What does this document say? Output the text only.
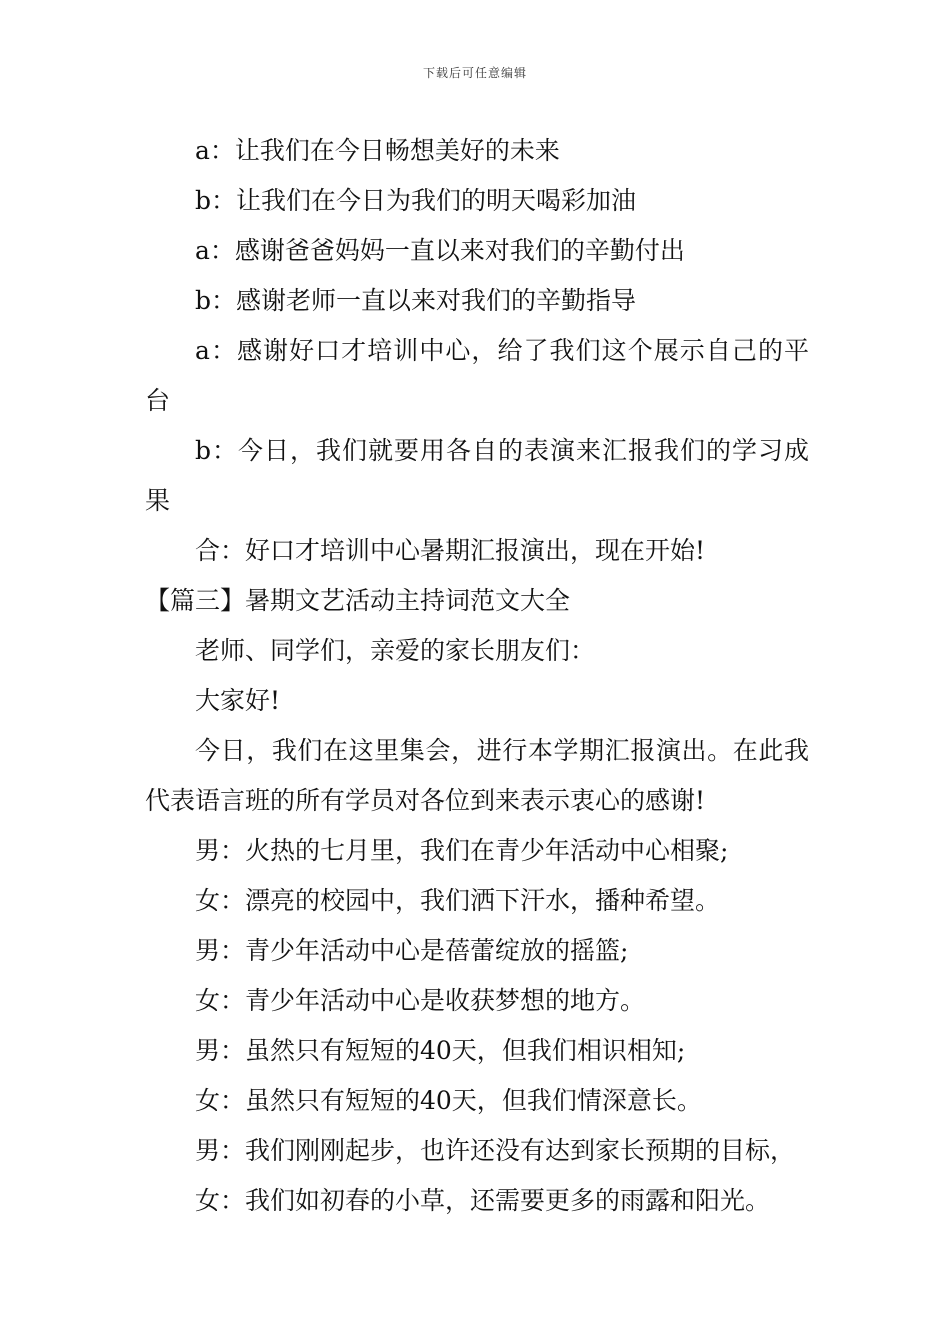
下载后可任意编辑

a：让我们在今日畅想美好的未来

b：让我们在今日为我们的明天喝彩加油

a：感谢爸爸妈妈一直以来对我们的辛勤付出

b：感谢老师一直以来对我们的辛勤指导

a：感谢好口才培训中心，给了我们这个展示自己的平台

b：今日，我们就要用各自的表演来汇报我们的学习成果

合：好口才培训中心暑期汇报演出，现在开始!

【篇三】暑期文艺活动主持词范文大全

老师、同学们，亲爱的家长朋友们：

大家好!

今日，我们在这里集会，进行本学期汇报演出。在此我代表语言班的所有学员对各位到来表示衷心的感谢!

男：火热的七月里，我们在青少年活动中心相聚;

女：漂亮的校园中，我们洒下汗水，播种希望。

男：青少年活动中心是蓓蕾绽放的摇篮;

女：青少年活动中心是收获梦想的地方。

男：虽然只有短短的40天，但我们相识相知;

女：虽然只有短短的40天，但我们情深意长。

男：我们刚刚起步，也许还没有达到家长预期的目标，

女：我们如初春的小草，还需要更多的雨露和阳光。
